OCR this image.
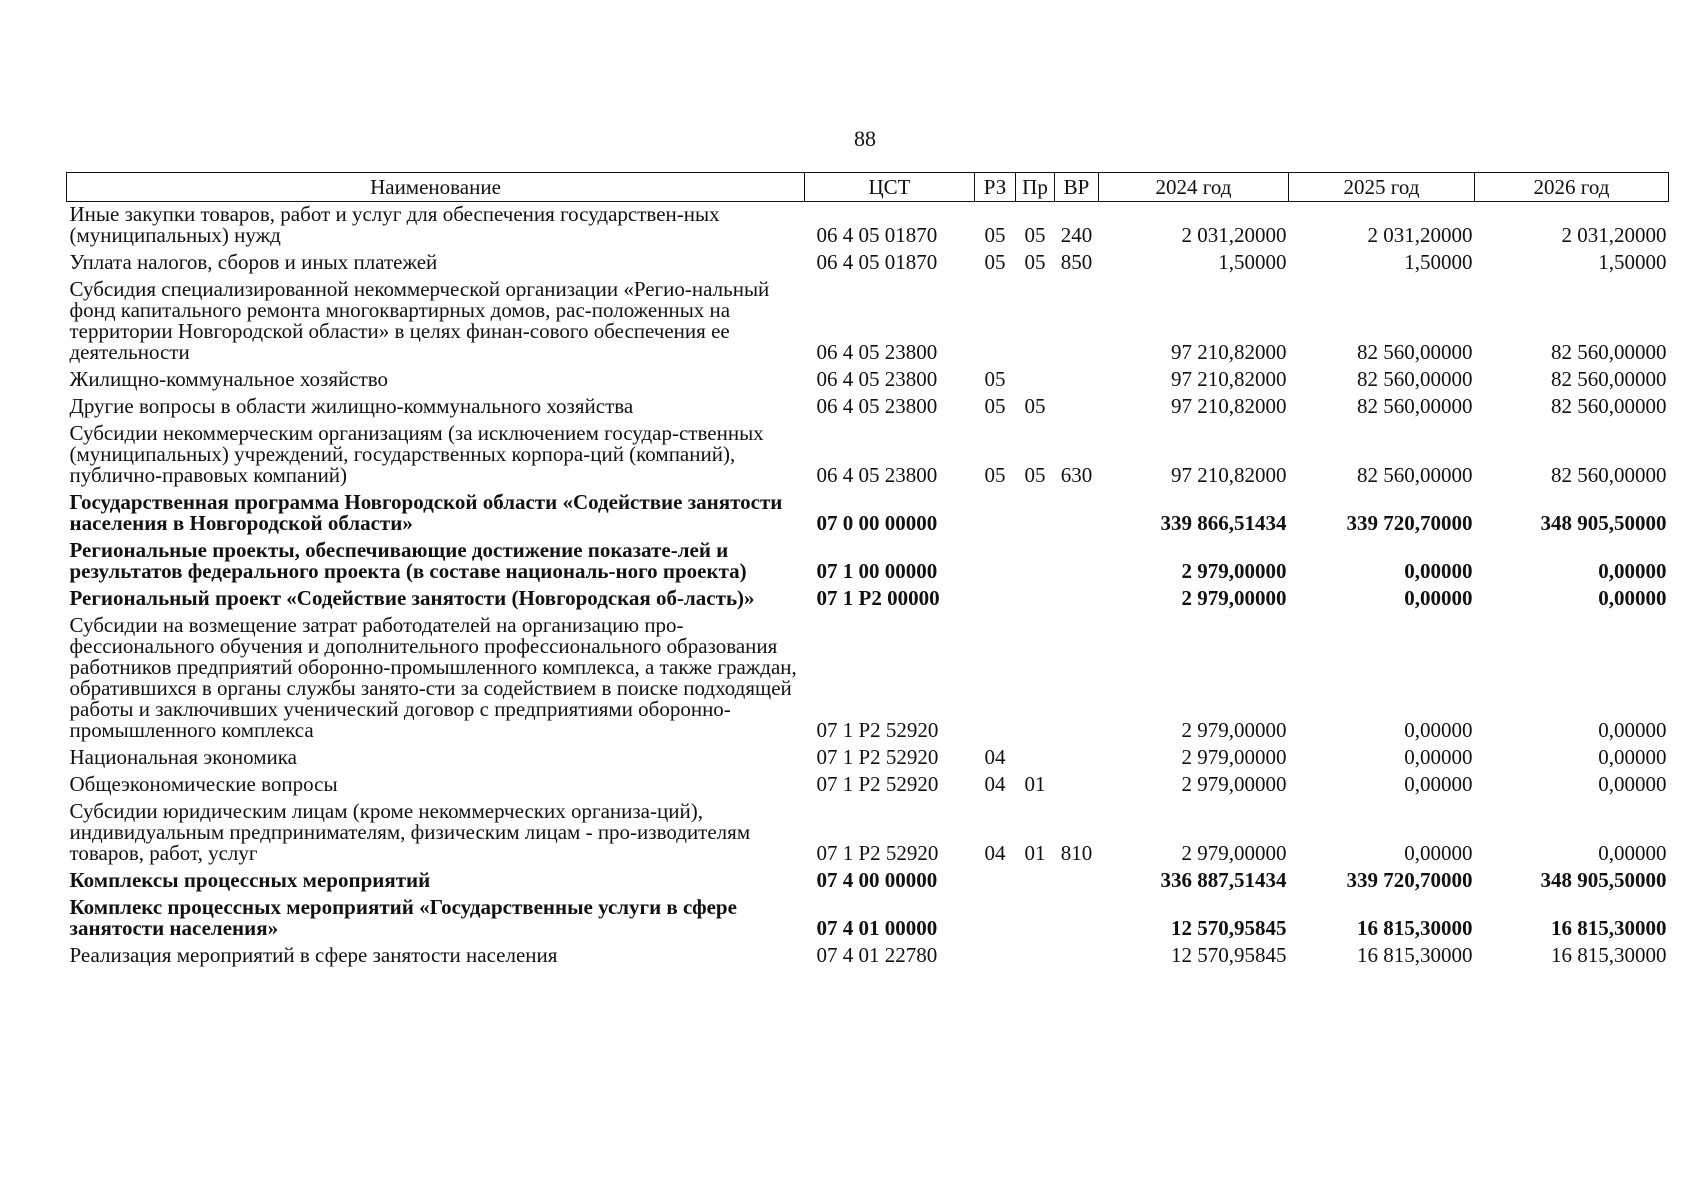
88
Наименование	ЦСТ	РЗ	Пр	ВР	2024 год	2025 год	2026 год
Иные закупки товаров, работ и услуг для обеспечения государствен-ных (муниципальных) нужд	06 4 05 01870	05	05	240	2 031,20000	2 031,20000	2 031,20000
Уплата налогов, сборов и иных платежей	06 4 05 01870	05	05	850	1,50000	1,50000	1,50000
Субсидия специализированной некоммерческой организации «Регио-нальный фонд капитального ремонта многоквартирных домов, рас-положенных на территории Новгородской области» в целях финан-сового обеспечения ее деятельности	06 4 05 23800				97 210,82000	82 560,00000	82 560,00000
Жилищно-коммунальное хозяйство	06 4 05 23800	05			97 210,82000	82 560,00000	82 560,00000
Другие вопросы в области жилищно-коммунального хозяйства	06 4 05 23800	05	05		97 210,82000	82 560,00000	82 560,00000
Субсидии некоммерческим организациям (за исключением государ-ственных (муниципальных) учреждений, государственных корпора-ций (компаний), публично-правовых компаний)	06 4 05 23800	05	05	630	97 210,82000	82 560,00000	82 560,00000
Государственная программа Новгородской области «Содействие занятости населения в Новгородской области»	07 0 00 00000				339 866,51434	339 720,70000	348 905,50000
Региональные проекты, обеспечивающие достижение показате-лей и результатов федерального проекта (в составе националь-ного проекта)	07 1 00 00000				2 979,00000	0,00000	0,00000
Региональный проект «Содействие занятости (Новгородская об-ласть)»	07 1 Р2 00000				2 979,00000	0,00000	0,00000
Субсидии на возмещение затрат работодателей на организацию про-фессионального обучения и дополнительного профессионального образования работников предприятий оборонно-промышленного комплекса, а также граждан, обратившихся в органы службы занято-сти за содействием в поиске подходящей работы и заключивших ученический договор с предприятиями оборонно-промышленного комплекса	07 1 Р2 52920				2 979,00000	0,00000	0,00000
Национальная экономика	07 1 Р2 52920	04			2 979,00000	0,00000	0,00000
Общеэкономические вопросы	07 1 Р2 52920	04	01		2 979,00000	0,00000	0,00000
Субсидии юридическим лицам (кроме некоммерческих организа-ций), индивидуальным предпринимателям, физическим лицам - про-изводителям товаров, работ, услуг	07 1 Р2 52920	04	01	810	2 979,00000	0,00000	0,00000
Комплексы процессных мероприятий	07 4 00 00000				336 887,51434	339 720,70000	348 905,50000
Комплекс процессных мероприятий «Государственные услуги в сфере занятости населения»	07 4 01 00000				12 570,95845	16 815,30000	16 815,30000
Реализация мероприятий в сфере занятости населения	07 4 01 22780				12 570,95845	16 815,30000	16 815,30000
